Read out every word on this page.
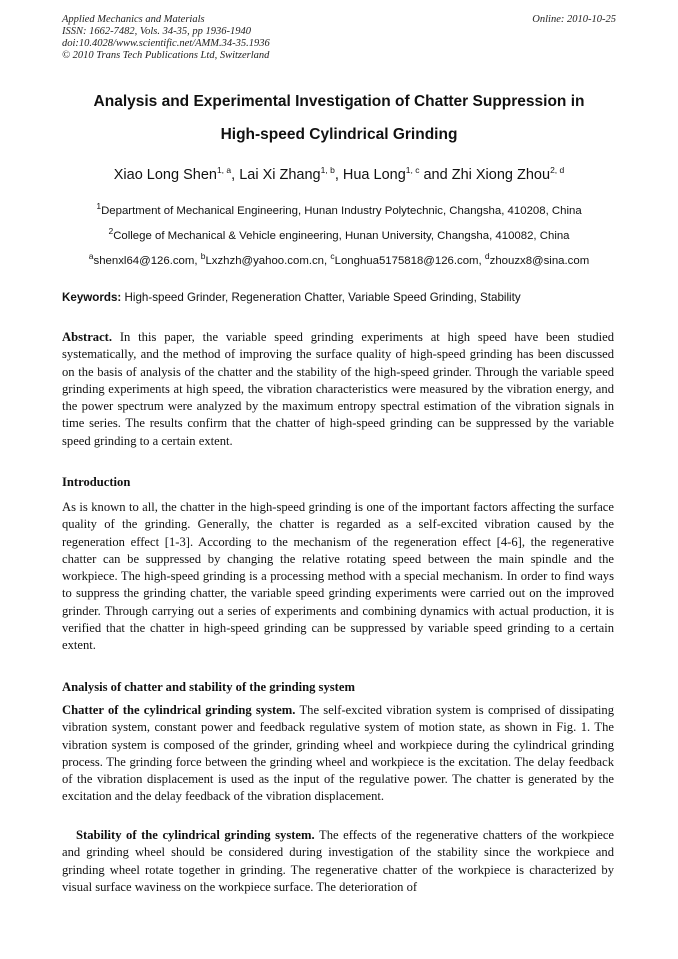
Applied Mechanics and Materials
ISSN: 1662-7482, Vols. 34-35, pp 1936-1940
doi:10.4028/www.scientific.net/AMM.34-35.1936
© 2010 Trans Tech Publications Ltd, Switzerland
Online: 2010-10-25
Analysis and Experimental Investigation of Chatter Suppression in
High-speed Cylindrical Grinding
Xiao Long Shen$^{1, a}$, Lai Xi Zhang$^{1, b}$, Hua Long$^{1, c}$ and Zhi Xiong Zhou$^{2, d}$
$^1$Department of Mechanical Engineering, Hunan Industry Polytechnic, Changsha, 410208, China
$^2$College of Mechanical & Vehicle engineering, Hunan University, Changsha, 410082, China
$^a$shenxl64@126.com, $^b$Lxzhzh@yahoo.com.cn, $^c$Longhua5175818@126.com, $^d$zhouzx8@sina.com
Keywords: High-speed Grinder, Regeneration Chatter, Variable Speed Grinding, Stability
Abstract. In this paper, the variable speed grinding experiments at high speed have been studied systematically, and the method of improving the surface quality of high-speed grinding has been discussed on the basis of analysis of the chatter and the stability of the high-speed grinder. Through the variable speed grinding experiments at high speed, the vibration characteristics were measured by the vibration energy, and the power spectrum were analyzed by the maximum entropy spectral estimation of the vibration signals in time series. The results confirm that the chatter of high-speed grinding can be suppressed by the variable speed grinding to a certain extent.
Introduction
As is known to all, the chatter in the high-speed grinding is one of the important factors affecting the surface quality of the grinding. Generally, the chatter is regarded as a self-excited vibration caused by the regeneration effect [1-3]. According to the mechanism of the regeneration effect [4-6], the regenerative chatter can be suppressed by changing the relative rotating speed between the main spindle and the workpiece. The high-speed grinding is a processing method with a special mechanism. In order to find ways to suppress the grinding chatter, the variable speed grinding experiments were carried out on the improved grinder. Through carrying out a series of experiments and combining dynamics with actual production, it is verified that the chatter in high-speed grinding can be suppressed by variable speed grinding to a certain extent.
Analysis of chatter and stability of the grinding system
Chatter of the cylindrical grinding system. The self-excited vibration system is comprised of dissipating vibration system, constant power and feedback regulative system of motion state, as shown in Fig. 1. The vibration system is composed of the grinder, grinding wheel and workpiece during the cylindrical grinding process. The grinding force between the grinding wheel and workpiece is the excitation. The delay feedback of the vibration displacement is used as the input of the regulative power. The chatter is generated by the excitation and the delay feedback of the vibration displacement.
Stability of the cylindrical grinding system. The effects of the regenerative chatters of the workpiece and grinding wheel should be considered during investigation of the stability since the workpiece and grinding wheel rotate together in grinding. The regenerative chatter of the workpiece is characterized by visual surface waviness on the workpiece surface. The deterioration of
